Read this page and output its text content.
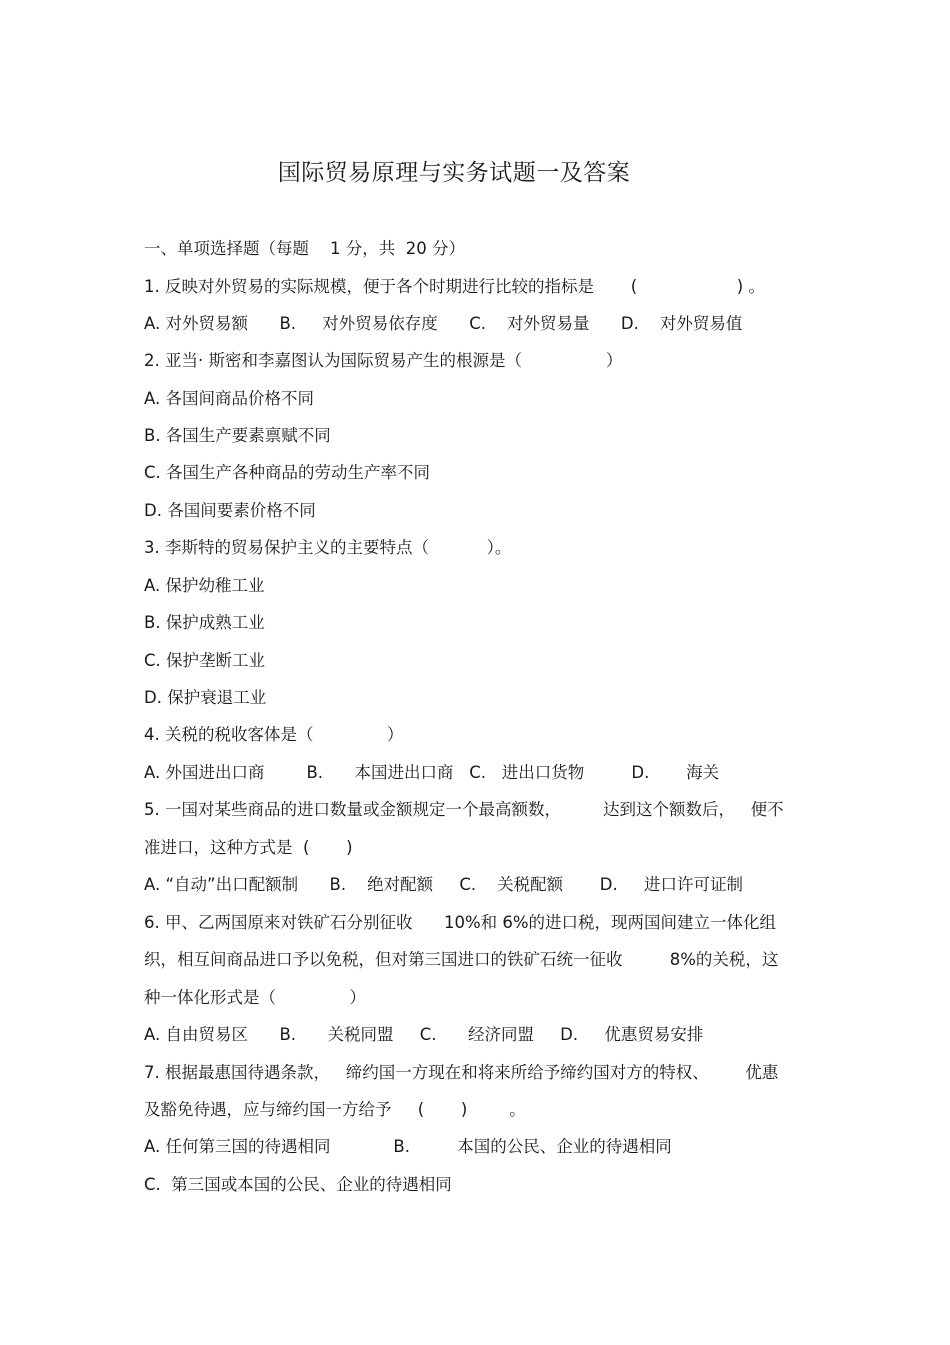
国际贸易原理与实务试题一及答案
一、单项选择题（每题    1 分，共  20 分）
1. 反映对外贸易的实际规模，便于各个时期进行比较的指标是       (                   ) 。
A. 对外贸易额      B.     对外贸易依存度      C.    对外贸易量      D.    对外贸易值
2. 亚当· 斯密和李嘉图认为国际贸易产生的根源是（                ）
A. 各国间商品价格不同
B. 各国生产要素禀赋不同
C. 各国生产各种商品的劳动生产率不同
D. 各国间要素价格不同
3. 李斯特的贸易保护主义的主要特点（           ）。
A. 保护幼稚工业
B. 保护成熟工业
C. 保护垄断工业
D. 保护衰退工业
4. 关税的税收客体是（              ）
A. 外国进出口商        B.      本国进出口商   C.   进出口货物         D.       海关
5. 一国对某些商品的进口数量或金额规定一个最高额数，        达到这个额数后，   便不
准进口，这种方式是  (       )
A. “自动”出口配额制      B.    绝对配额     C.    关税配额       D.     进口许可证制
6. 甲、乙两国原来对铁矿石分别征收      10%和 6%的进口税，现两国间建立一体化组
织，相互间商品进口予以免税，但对第三国进口的铁矿石统一征收         8%的关税，这
种一体化形式是（              ）
A. 自由贸易区      B.      关税同盟     C.      经济同盟     D.     优惠贸易安排
7. 根据最惠国待遇条款，   缔约国一方现在和将来所给予缔约国对方的特权、       优惠
及豁免待遇，应与缔约国一方给予     (       )        。
A. 任何第三国的待遇相同            B.         本国的公民、企业的待遇相同
C.  第三国或本国的公民、企业的待遇相同
